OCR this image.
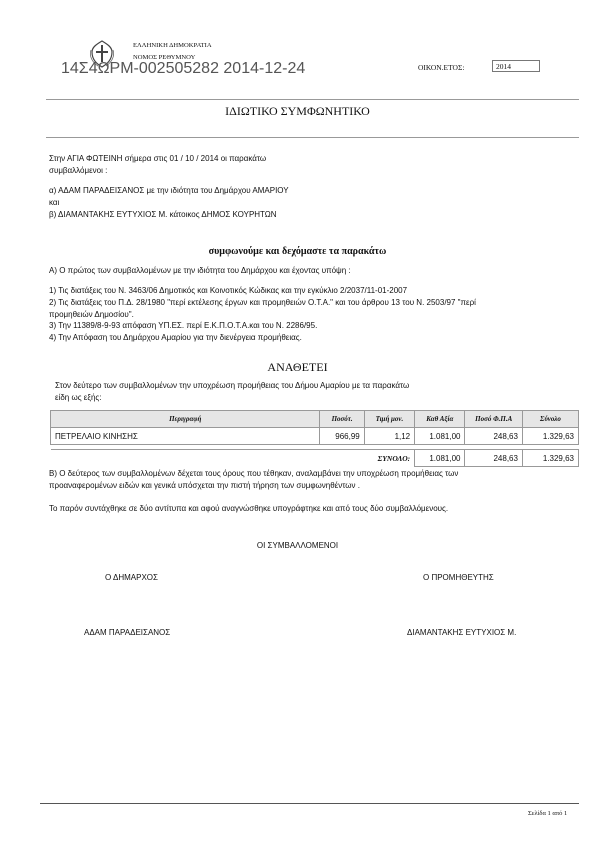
ΕΛΛΗΝΙΚΗ ΔΗΜΟΚΡΑΤΙΑ
ΝΟΜΟΣ ΡΕΘΥΜΝΟΥ
14Σ4ΩΡΜ-002505282 2014-12-24	ΟΙΚΟΝ.ΕΤΟΣ:	2014
ΙΔΙΩΤΙΚΟ ΣΥΜΦΩΝΗΤΙΚΟ
Στην ΑΓΙΑ ΦΩΤΕΙΝΗ σήμερα στις 01 / 10 / 2014 οι παρακάτω
συμβαλλόμενοι :
α) ΑΔΑΜ ΠΑΡΑΔΕΙΣΑΝΟΣ με την ιδιότητα του Δημάρχου ΑΜΑΡΙΟΥ
και
β) ΔΙΑΜΑΝΤΑΚΗΣ ΕΥΤΥΧΙΟΣ Μ. κάτοικος ΔΗΜΟΣ ΚΟΥΡΗΤΩΝ
συμφωνούμε και δεχόμαστε τα παρακάτω
Α) Ο πρώτος των συμβαλλομένων με την ιδιότητα του Δημάρχου και έχοντας υπόψη :
1) Τις διατάξεις του Ν. 3463/06 Δημοτικός και Κοινοτικός Κώδικας και την εγκύκλιο 2/2037/11-01-2007
2) Τις διατάξεις του Π.Δ. 28/1980 "περί εκτέλεσης έργων και προμηθειών Ο.Τ.Α." και του άρθρου 13 του Ν. 2503/97 "περί
προμηθειών Δημοσίου".
3) Την 11389/8-9-93 απόφαση ΥΠ.ΕΣ. περί Ε.Κ.Π.Ο.Τ.Α.και του Ν. 2286/95.
4) Την Απόφαση του Δημάρχου Αμαρίου για την διενέργεια προμήθειας.
ΑΝΑΘΕΤΕΙ
Στον δεύτερο των συμβαλλομένων την υποχρέωση προμήθειας του Δήμου Αμαρίου με τα παρακάτω
είδη ως εξής:
Περιγραφή	Ποσότ.	Τιμή μον.	Καθ Αξία	Ποσό Φ.Π.Α	Σύνολο
ΠΕΤΡΕΛΑΙΟ ΚΙΝΗΣΗΣ	966,99	1,12	1.081,00	248,63	1.329,63

		ΣΥΝΟΛΟ:	1.081,00	248,63	1.329,63
Β) Ο δεύτερος των συμβαλλομένων δέχεται τους όρους που τέθηκαν, αναλαμβάνει την υποχρέωση προμήθειας των
προαναφερομένων ειδών και γενικά υπόσχεται την πιστή τήρηση των συμφωνηθέντων .
Το παρόν συντάχθηκε σε δύο αντίτυπα και αφού αναγνώσθηκε υπογράφτηκε και από τους δύο συμβαλλόμενους.
ΟΙ ΣΥΜΒΑΛΛΟΜΕΝΟΙ
Ο ΔΗΜΑΡΧΟΣ	Ο ΠΡΟΜΗΘΕΥΤΗΣ
ΑΔΑΜ ΠΑΡΑΔΕΙΣΑΝΟΣ	ΔΙΑΜΑΝΤΑΚΗΣ ΕΥΤΥΧΙΟΣ Μ.
Σελίδα 1 από 1
